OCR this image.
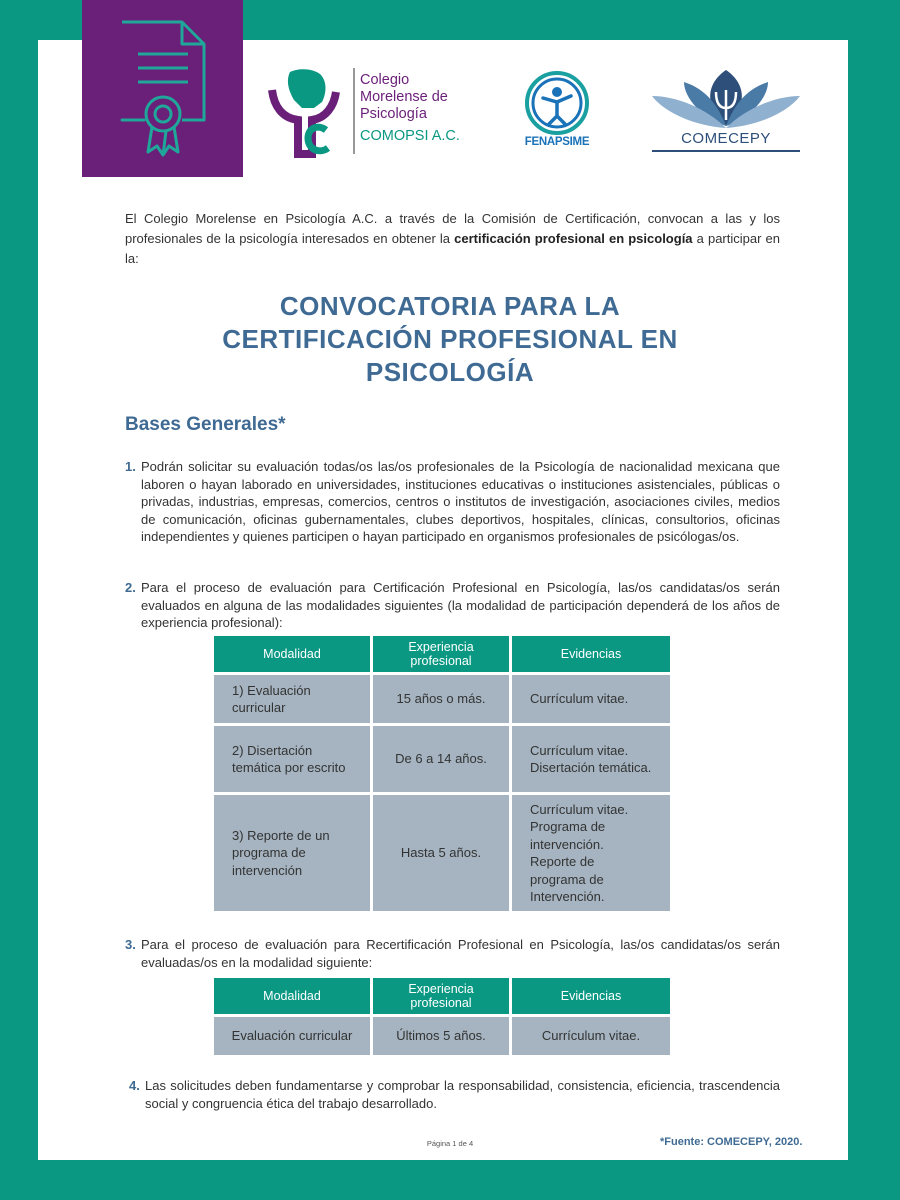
Colegio
Morelense de
Psicología
COMOPSI A.C.	FENAPSIME	COMECEPY
El Colegio Morelense en Psicología A.C. a través de la Comisión de Certificación, convocan a las y los profesionales de la psicología interesados en obtener la certificación profesional en psicología a participar en la:
CONVOCATORIA PARA LA
CERTIFICACIÓN PROFESIONAL EN
PSICOLOGÍA
Bases Generales*
1. Podrán solicitar su evaluación todas/os las/os profesionales de la Psicología de nacionalidad mexicana que laboren o hayan laborado en universidades, instituciones educativas o instituciones asistenciales, públicas o privadas, industrias, empresas, comercios, centros o institutos de investigación, asociaciones civiles, medios de comunicación, oficinas gubernamentales, clubes deportivos, hospitales, clínicas, consultorios, oficinas independientes y quienes participen o hayan participado en organismos profesionales de psicólogas/os.
2. Para el proceso de evaluación para Certificación Profesional en Psicología, las/os candidatas/os serán evaluados en alguna de las modalidades siguientes (la modalidad de participación dependerá de los años de experiencia profesional):
Modalidad	Experiencia profesional	Evidencias
1) Evaluación curricular	15 años o más.	Currículum vitae.
2) Disertación temática por escrito	De 6 a 14 años.	Currículum vitae. Disertación temática.
3) Reporte de un programa de intervención	Hasta 5 años.	Currículum vitae. Programa de intervención. Reporte de programa de Intervención.
3. Para el proceso de evaluación para Recertificación Profesional en Psicología, las/os candidatas/os serán evaluadas/os en la modalidad siguiente:
Modalidad	Experiencia profesional	Evidencias
Evaluación curricular	Últimos 5 años.	Currículum vitae.
4. Las solicitudes deben fundamentarse y comprobar la responsabilidad, consistencia, eficiencia, trascendencia social y congruencia ética del trabajo desarrollado.
Página 1 de 4	*Fuente: COMECEPY, 2020.
